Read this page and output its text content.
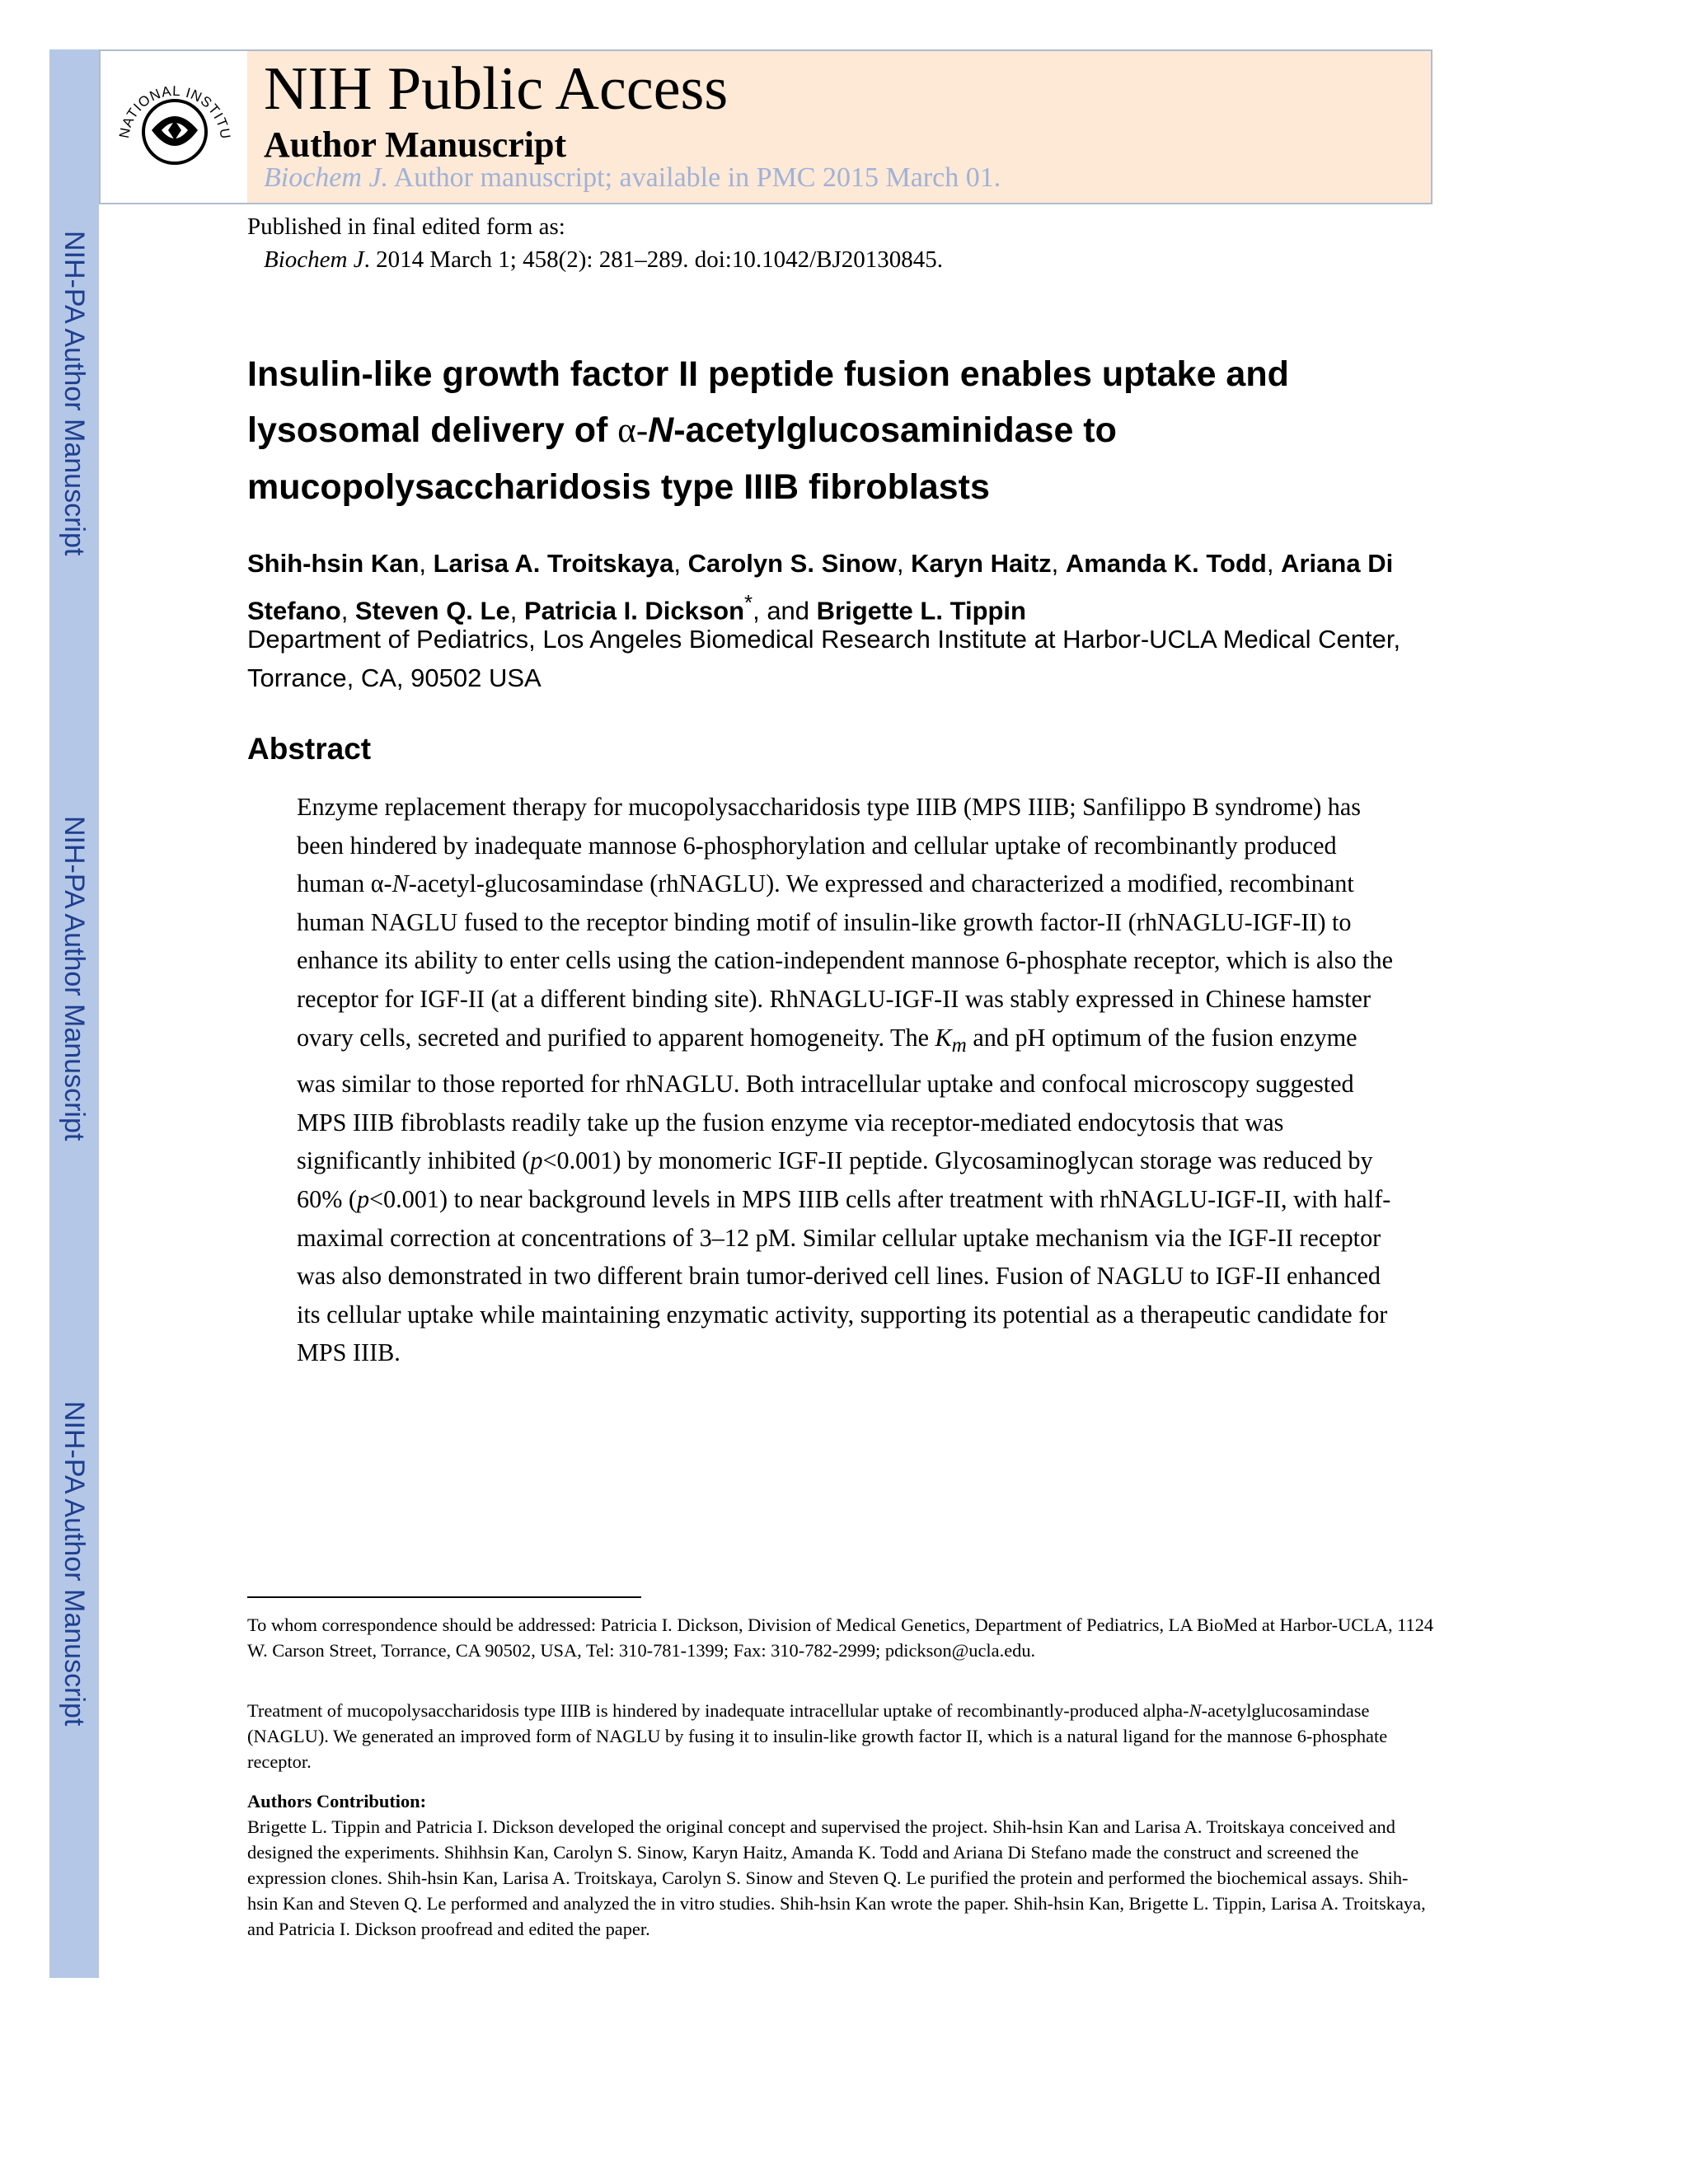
NIH-PA Author Manuscript
NIH-PA Author Manuscript
NIH-PA Author Manuscript
NATIONAL INSTITU
NIH Public Access
Author Manuscript
Biochem J. Author manuscript; available in PMC 2015 March 01.
Published in final edited form as:
Biochem J. 2014 March 1; 458(2): 281–289. doi:10.1042/BJ20130845.
Insulin-like growth factor II peptide fusion enables uptake and lysosomal delivery of α-N-acetylglucosaminidase to mucopolysaccharidosis type IIIB fibroblasts
Shih-hsin Kan, Larisa A. Troitskaya, Carolyn S. Sinow, Karyn Haitz, Amanda K. Todd, Ariana Di Stefano, Steven Q. Le, Patricia I. Dickson*, and Brigette L. Tippin
Department of Pediatrics, Los Angeles Biomedical Research Institute at Harbor-UCLA Medical Center, Torrance, CA, 90502 USA
Abstract
Enzyme replacement therapy for mucopolysaccharidosis type IIIB (MPS IIIB; Sanfilippo B syndrome) has been hindered by inadequate mannose 6-phosphorylation and cellular uptake of recombinantly produced human α-N-acetyl-glucosamindase (rhNAGLU). We expressed and characterized a modified, recombinant human NAGLU fused to the receptor binding motif of insulin-like growth factor-II (rhNAGLU-IGF-II) to enhance its ability to enter cells using the cation-independent mannose 6-phosphate receptor, which is also the receptor for IGF-II (at a different binding site). RhNAGLU-IGF-II was stably expressed in Chinese hamster ovary cells, secreted and purified to apparent homogeneity. The $K_m$ and pH optimum of the fusion enzyme was similar to those reported for rhNAGLU. Both intracellular uptake and confocal microscopy suggested MPS IIIB fibroblasts readily take up the fusion enzyme via receptor-mediated endocytosis that was significantly inhibited (p<0.001) by monomeric IGF-II peptide. Glycosaminoglycan storage was reduced by 60% (p<0.001) to near background levels in MPS IIIB cells after treatment with rhNAGLU-IGF-II, with half-maximal correction at concentrations of 3–12 pM. Similar cellular uptake mechanism via the IGF-II receptor was also demonstrated in two different brain tumor-derived cell lines. Fusion of NAGLU to IGF-II enhanced its cellular uptake while maintaining enzymatic activity, supporting its potential as a therapeutic candidate for MPS IIIB.
To whom correspondence should be addressed: Patricia I. Dickson, Division of Medical Genetics, Department of Pediatrics, LA BioMed at Harbor-UCLA, 1124 W. Carson Street, Torrance, CA 90502, USA, Tel: 310-781-1399; Fax: 310-782-2999; pdickson@ucla.edu.
Treatment of mucopolysaccharidosis type IIIB is hindered by inadequate intracellular uptake of recombinantly-produced alpha-N-acetylglucosamindase (NAGLU). We generated an improved form of NAGLU by fusing it to insulin-like growth factor II, which is a natural ligand for the mannose 6-phosphate receptor.
Authors Contribution:
Brigette L. Tippin and Patricia I. Dickson developed the original concept and supervised the project. Shih-hsin Kan and Larisa A. Troitskaya conceived and designed the experiments. Shihhsin Kan, Carolyn S. Sinow, Karyn Haitz, Amanda K. Todd and Ariana Di Stefano made the construct and screened the expression clones. Shih-hsin Kan, Larisa A. Troitskaya, Carolyn S. Sinow and Steven Q. Le purified the protein and performed the biochemical assays. Shih-hsin Kan and Steven Q. Le performed and analyzed the in vitro studies. Shih-hsin Kan wrote the paper. Shih-hsin Kan, Brigette L. Tippin, Larisa A. Troitskaya, and Patricia I. Dickson proofread and edited the paper.
